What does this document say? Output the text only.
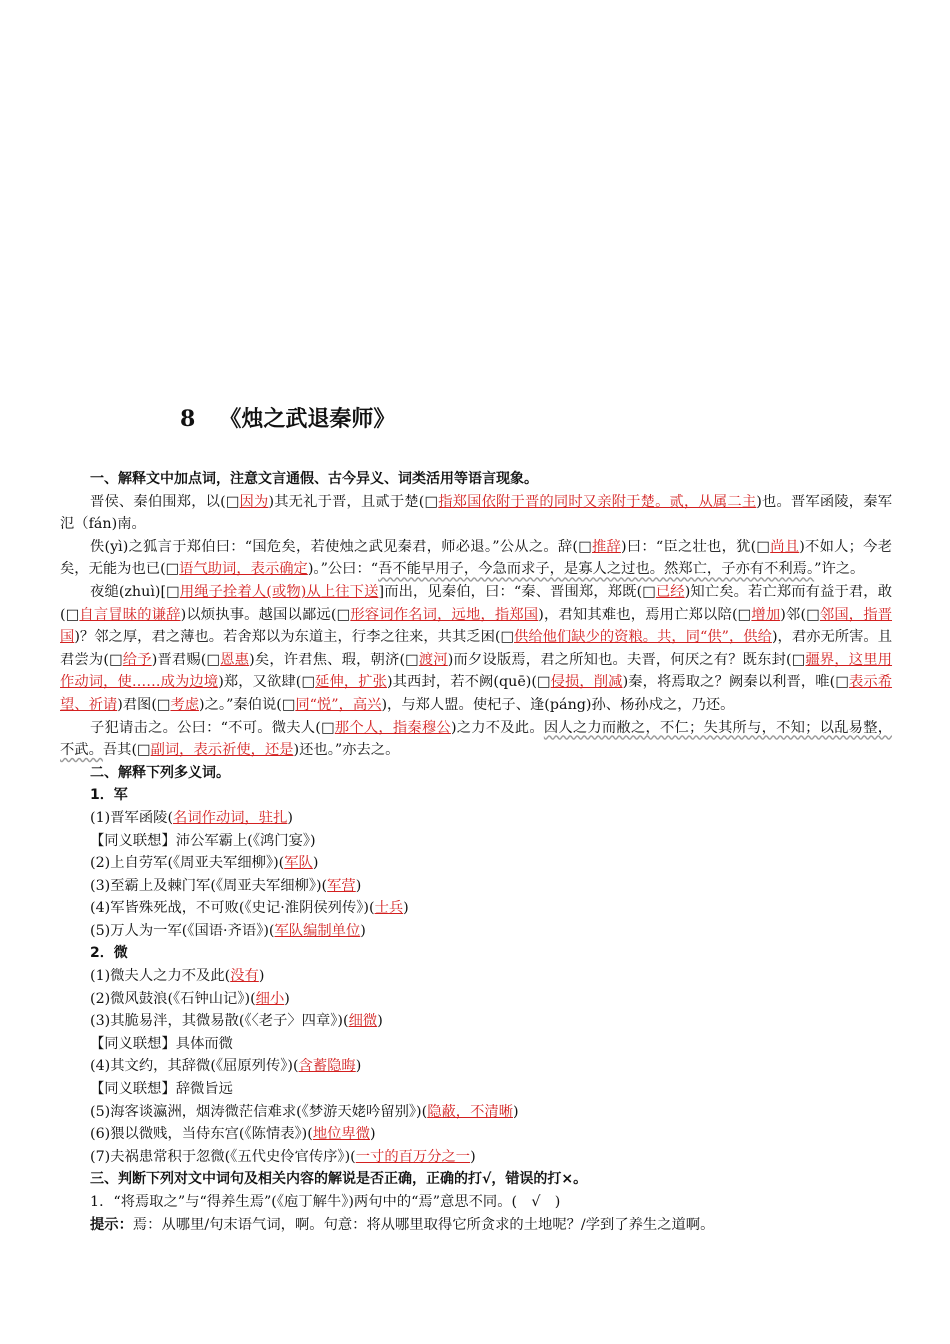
8 《烛之武退秦师》
一、解释文中加点词，注意文言通假、古今异义、词类活用等语言现象。
晋侯、秦伯围郑，以(□因为)其无礼于晋，且贰于楚(□指郑国依附于晋的同时又亲附于楚。贰，从属二主)也。晋军函陵，秦军氾（fán)南。
佚(yì)之狐言于郑伯曰：“国危矣，若使烛之武见秦君，师必退。”公从之。辞(□推辞)曰：“臣之壮也，犹(□尚且)不如人；今老矣，无能为也已(□语气助词，表示确定)。”公曰：“吾不能早用子，今急而求子，是寡人之过也。然郑亡，子亦有不利焉。”许之。
夜缒(zhuì)[□用绳子拴着人(或物)从上往下送]而出，见秦伯，曰：“秦、晋围郑，郑既(□已经)知亡矣。若亡郑而有益于君，敢(□自言冒昧的谦辞)以烦执事。越国以鄙远(□形容词作名词，远地，指郑国)，君知其难也，焉用亡郑以陪(□增加)邻(□邻国，指晋国)？邻之厚，君之薄也。若舍郑以为东道主，行李之往来，共其乏困(□供给他们缺少的资粮。共，同“供”，供给)，君亦无所害。且君尝为(□给予)晋君赐(□恩惠)矣，许君焦、瑕，朝济(□渡河)而夕设版焉，君之所知也。夫晋，何厌之有？既东封(□疆界，这里用作动词，使……成为边境)郑，又欲肆(□延伸，扩张)其西封，若不阙(quē)(□侵损，削减)秦，将焉取之？阙秦以利晋，唯(□表示希望、祈请)君图(□考虑)之。”秦伯说(□同“悦”，高兴)，与郑人盟。使杞子、逢(páng)孙、杨孙戍之，乃还。
子犯请击之。公曰：“不可。微夫人(□那个人，指秦穆公)之力不及此。因人之力而敝之，不仁；失其所与，不知；以乱易整，不武。吾其(□副词，表示祈使，还是)还也。”亦去之。
二、解释下列多义词。
1．军
(1)晋军函陵(名词作动词，驻扎)
【同义联想】沛公军霸上(《鸿门宴》)
(2)上自劳军(《周亚夫军细柳》)(军队)
(3)至霸上及棘门军(《周亚夫军细柳》)(军营)
(4)军皆殊死战，不可败(《史记·淮阴侯列传》)(士兵)
(5)万人为一军(《国语·齐语》)(军队编制单位)
2．微
(1)微夫人之力不及此(没有)
(2)微风鼓浪(《石钟山记》)(细小)
(3)其脆易泮，其微易散(《〈老子〉四章》)(细微)
【同义联想】具体而微
(4)其文约，其辞微(《屈原列传》)(含蓄隐晦)
【同义联想】辞微旨远
(5)海客谈瀛洲，烟涛微茫信难求(《梦游天姥吟留别》)(隐蔽，不清晰)
(6)猥以微贱，当侍东宫(《陈情表》)(地位卑微)
(7)夫祸患常积于忽微(《五代史伶官传序》)(一寸的百万分之一)
三、判断下列对文中词句及相关内容的解说是否正确，正确的打√，错误的打×。
1．“将焉取之”与“得养生焉”(《庖丁解牛》)两句中的“焉”意思不同。(　√　)
提示：焉：从哪里/句末语气词，啊。句意：将从哪里取得它所贪求的土地呢？/学到了养生之道啊。
